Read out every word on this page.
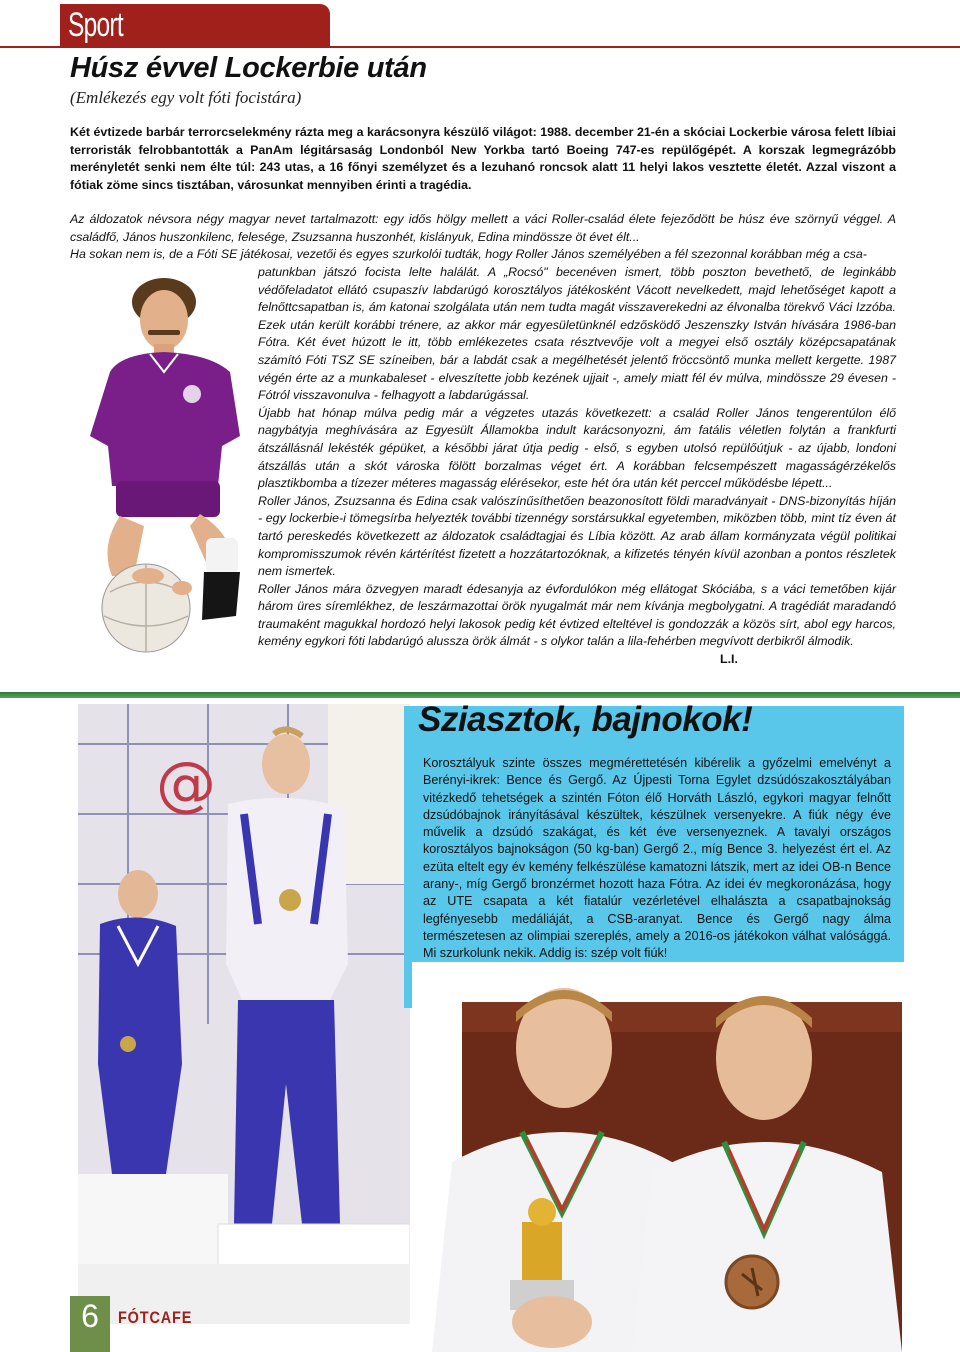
Sport
Húsz évvel Lockerbie után
(Emlékezés egy volt fóti focistára)

Két évtizede barbár terrorcselekmény rázta meg a karácsonyra készülő világot: 1988. december 21-én a skóciai Lockerbie városa felett líbiai terroristák felrobbantották a PanAm légitársaság Londonból New Yorkba tartó Boeing 747-es repülőgépét. A korszak legmegrázóbb merényletét senki nem élte túl: 243 utas, a 16 főnyi személyzet és a lezuhanó roncsok alatt 11 helyi lakos vesztette életét. Azzal viszont a fótiak zöme sincs tisztában, városunkat mennyiben érinti a tragédia.

Az áldozatok névsora négy magyar nevet tartalmazott: egy idős hölgy mellett a váci Roller-család élete fejeződött be húsz éve szörnyű véggel. A családfő, János huszonkilenc, felesége, Zsuzsanna huszonhét, kislányuk, Edina mindössze öt évet élt...

Ha sokan nem is, de a Fóti SE játékosai, vezetői és egyes szurkolói tudták, hogy Roller János személyében a fél szezonnal korábban még a csa-

patunkban játszó focista lelte halálát. A „Rocsó" becenéven ismert, több poszton bevethető, de leginkább védőfeladatot ellátó csupaszív labdarúgó korosztályos játékosként Vácott nevelkedett, majd lehetőséget kapott a felnőttcsapatban is, ám katonai szolgálata után nem tudta magát visszaverekedni az élvonalba törekvő Váci Izzóba. Ezek után került korábbi trénere, az akkor már egyesületünknél edzősködő Jeszenszky István hívására 1986-ban Fótra. Két évet húzott le itt, több emlékezetes csata résztvevője volt a megyei első osztály középcsapatának számító Fóti TSZ SE színeiben, bár a labdát csak a megélhetését jelentő fröccsöntő munka mellett kergette. 1987 végén érte az a munkabaleset - elveszítette jobb kezének ujjait -, amely miatt fél év múlva, mindössze 29 évesen - Fótról visszavonulva - felhagyott a labdarúgással.

Újabb hat hónap múlva pedig már a végzetes utazás következett: a család Roller János tengerentúlon élő nagybátyja meghívására az Egyesült Államokba indult karácsonyozni, ám fatális véletlen folytán a frankfurti átszállásnál lekésték gépüket, a későbbi járat útja pedig - első, s egyben utolsó repülőútjuk - az újabb, londoni átszállás után a skót városka fölött borzalmas véget ért. A korábban felcsempészett magasságérzékelős plasztikbomba a tízezer méteres magasság elérésekor, este hét óra után két perccel működésbe lépett...

Roller János, Zsuzsanna és Edina csak valószínűsíthetően beazonosított földi maradványait - DNS-bizonyítás híján - egy lockerbie-i tömegsírba helyezték további tizennégy sorstársukkal egyetemben, miközben több, mint tíz éven át tartó pereskedés következett az áldozatok családtagjai és Líbia között. Az arab állam kormányzata végül politikai kompromisszumok révén kártérítést fizetett a hozzátartozóknak, a kifizetés tényén kívül azonban a pontos részletek nem ismertek.

Roller János mára özvegyen maradt édesanyja az évfordulókon még ellátogat Skóciába, s a váci temetőben kijár három üres síremlékhez, de leszármazottai örök nyugalmát már nem kívánja megbolygatni. A tragédiát maradandó traumaként magukkal hordozó helyi lakosok pedig két évtized elteltével is gondozzák a közös sírt, abol egy harcos, kemény egykori fóti labdarúgó alussza örök álmát - s olykor talán a lila-fehérben megvívott derbikről álmodik.

L.I.
@
Sziasztok, bajnokok!

Korosztályuk szinte összes megmérettetésén kibérelik a győzelmi emelvényt a Berényi-ikrek: Bence és Gergő. Az Újpesti Torna Egylet dzsúdószakosztályában vitézkedő tehetségek a szintén Fóton élő Horváth László, egykori magyar felnőtt dzsúdóbajnok irányításával készültek, készülnek versenyekre. A fiúk négy éve művelik a dzsúdó szakágat, és két éve versenyeznek. A tavalyi országos korosztályos bajnokságon (50 kg-ban) Gergő 2., míg Bence 3. helyezést ért el. Az ezüta eltelt egy év kemény felkészülése kamatozni látszik, mert az idei OB-n Bence arany-, míg Gergő bronzérmet hozott haza Fótra. Az idei év megkoronázása, hogy az UTE csapata a két fiatalúr vezérletével elhalászta a csapatbajnokság legfényesebb medáliáját, a CSB-aranyat. Bence és Gergő nagy álma természetesen az olimpiai szereplés, amely a 2016-os játékokon válhat valósággá. Mi szurkolunk nekik. Addig is: szép volt fiúk!

6	FÓTCAFE
